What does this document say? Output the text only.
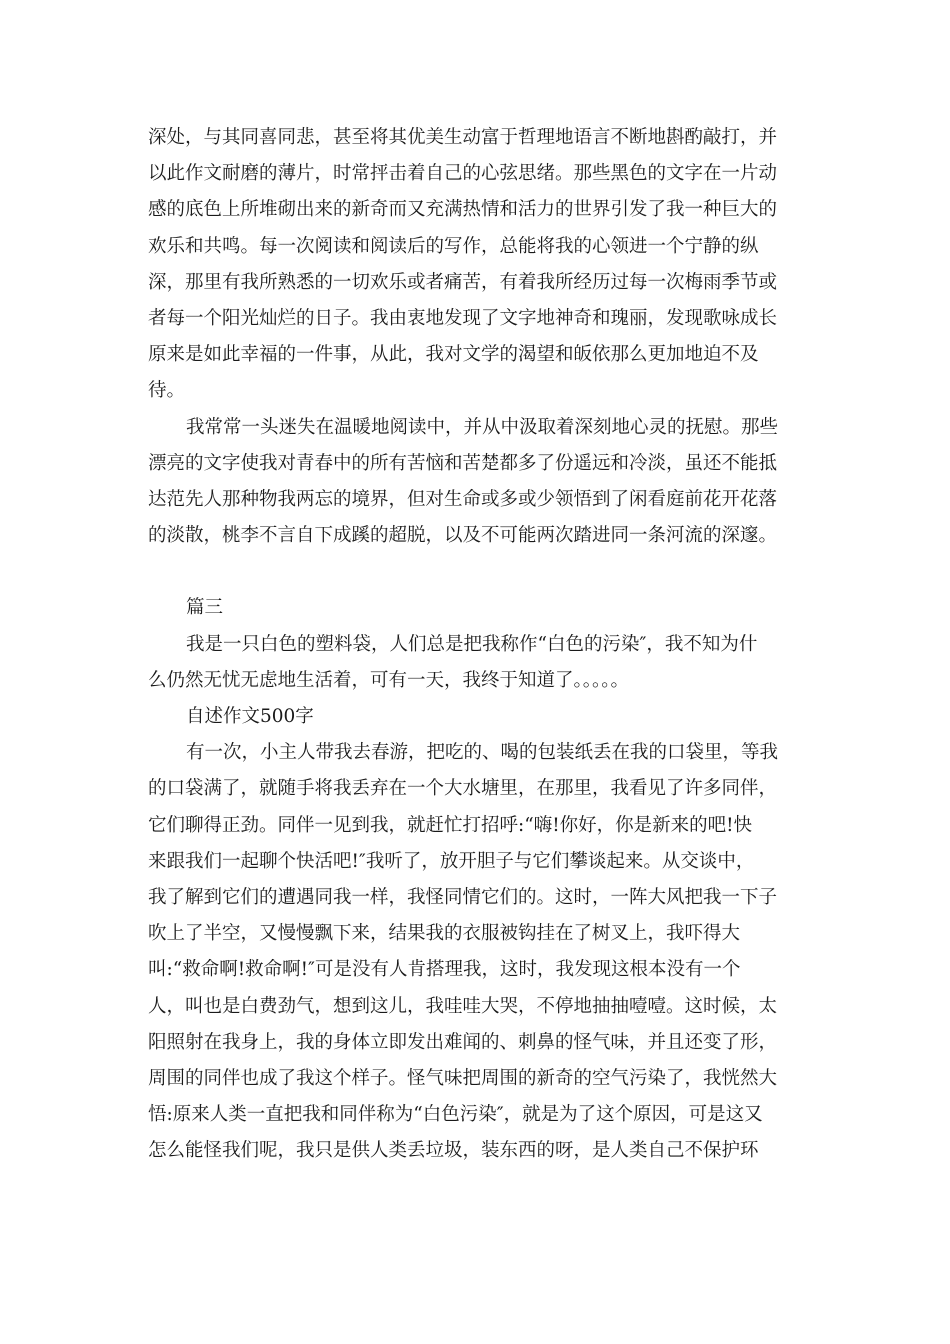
深处，与其同喜同悲，甚至将其优美生动富于哲理地语言不断地斟酌敲打，并
以此作文耐磨的薄片，时常抨击着自己的心弦思绪。那些黑色的文字在一片动
感的底色上所堆砌出来的新奇而又充满热情和活力的世界引发了我一种巨大的
欢乐和共鸣。每一次阅读和阅读后的写作，总能将我的心领进一个宁静的纵
深，那里有我所熟悉的一切欢乐或者痛苦，有着我所经历过每一次梅雨季节或
者每一个阳光灿烂的日子。我由衷地发现了文字地神奇和瑰丽，发现歌咏成长
原来是如此幸福的一件事，从此，我对文学的渴望和皈依那么更加地迫不及
待。
我常常一头迷失在温暖地阅读中，并从中汲取着深刻地心灵的抚慰。那些
漂亮的文字使我对青春中的所有苦恼和苦楚都多了份遥远和冷淡，虽还不能抵
达范先人那种物我两忘的境界，但对生命或多或少领悟到了闲看庭前花开花落
的淡散，桃李不言自下成蹊的超脱，以及不可能两次踏进同一条河流的深邃。
篇三
我是一只白色的塑料袋，人们总是把我称作“白色的污染″，我不知为什
么仍然无忧无虑地生活着，可有一天，我终于知道了。。。。。
自述作文500字
有一次，小主人带我去春游，把吃的、喝的包装纸丢在我的口袋里，等我
的口袋满了，就随手将我丢弃在一个大水塘里，在那里，我看见了许多同伴，
它们聊得正劲。同伴一见到我，就赶忙打招呼:“嗨!你好，你是新来的吧!快
来跟我们一起聊个快活吧!″我听了，放开胆子与它们攀谈起来。从交谈中，
我了解到它们的遭遇同我一样，我怪同情它们的。这时，一阵大风把我一下子
吹上了半空，又慢慢飘下来，结果我的衣服被钩挂在了树叉上，我吓得大
叫:“救命啊!救命啊!″可是没有人肯搭理我，这时，我发现这根本没有一个
人，叫也是白费劲气，想到这儿，我哇哇大哭，不停地抽抽噎噎。这时候，太
阳照射在我身上，我的身体立即发出难闻的、刺鼻的怪气味，并且还变了形，
周围的同伴也成了我这个样子。怪气味把周围的新奇的空气污染了，我恍然大
悟:原来人类一直把我和同伴称为“白色污染″，就是为了这个原因，可是这又
怎么能怪我们呢，我只是供人类丢垃圾，装东西的呀，是人类自己不保护环
